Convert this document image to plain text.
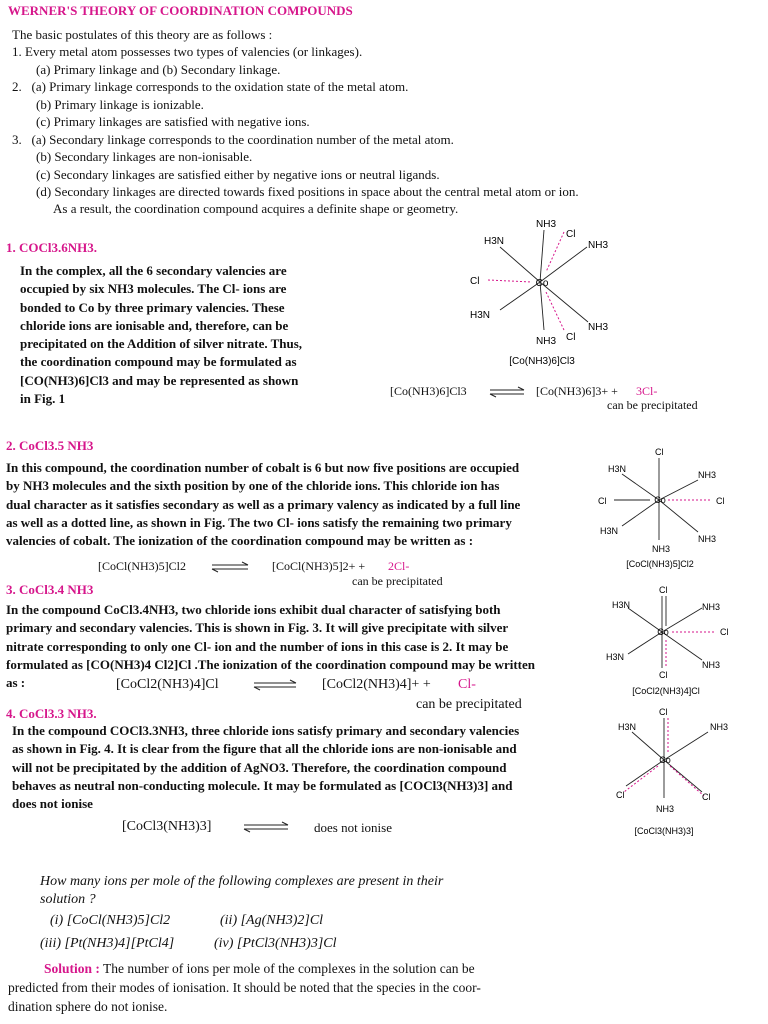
WERNER'S THEORY OF COORDINATION COMPOUNDS
The basic postulates of this theory are as follows :
1. Every metal atom possesses two types of valencies (or linkages).
(a) Primary linkage and (b) Secondary linkage.
2.   (a) Primary linkage corresponds to the oxidation state of the metal atom.
(b) Primary linkage is ionizable.
(c) Primary linkages are satisfied with negative ions.
3.   (a) Secondary linkage corresponds to the coordination number of the metal atom.
(b) Secondary linkages are non-ionisable.
(c) Secondary linkages are satisfied either by negative ions or neutral ligands.
(d) Secondary linkages are directed towards fixed positions in space about the central metal atom or ion.
As a result, the coordination compound acquires a definite shape or geometry.
1. COCl3.6NH3.
In the complex, all the 6 secondary valencies are
occupied by six NH3 molecules. The Cl- ions are
bonded to Co by three primary valencies. These
chloride ions are ionisable and, therefore, can be
precipitated on the Addition of silver nitrate. Thus,
the coordination compound may be formulated as
[CO(NH3)6]Cl3 and may be represented as shown
in Fig. 1
Co
NH3
Cl
H3N	NH3
Cl
H3N
NH3
NH3 Cl
[Co(NH3)6]Cl3
[Co(NH3)6]Cl3 ⇌ [Co(NH3)6]3+ + 3Cl-
can be precipitated
2. CoCl3.5 NH3
In this compound, the coordination number of cobalt is 6 but now five positions are occupied
by NH3 molecules and the sixth position by one of the chloride ions. This chloride ion has
dual character as it satisfies secondary as well as a primary valency as indicated by a full line
as well as a dotted line, as shown in Fig. The two Cl- ions satisfy the remaining two primary
valencies of cobalt. The ionization of the coordination compound may be written as :
Co
Cl
H3N
NH3
Cl	Cl
H3N
NH3
NH3
[CoCl(NH3)5]Cl2
[CoCl(NH3)5]Cl2 ⇌ [CoCl(NH3)5]2+ + 2Cl-
can be precipitated
3. CoCl3.4 NH3
In the compound CoCl3.4NH3, two chloride ions exhibit dual character of satisfying both
primary and secondary valencies. This is shown in Fig. 3. It will give precipitate with silver
nitrate corresponding to only one Cl- ion and the number of ions in this case is 2. It may be
formulated as [CO(NH3)4 Cl2]Cl .The ionization of the coordination compound may be written
as :
Co
Cl
H3N	NH3
Cl
H3N
NH3
Cl
[CoCl2(NH3)4]Cl
[CoCl2(NH3)4]Cl ⇌ [CoCl2(NH3)4]+ + Cl-
can be precipitated
4. CoCl3.3 NH3.
In the compound COCl3.3NH3, three chloride ions satisfy primary and secondary valencies
as shown in Fig. 4. It is clear from the figure that all the chloride ions are non-ionisable and
will not be precipitated by the addition of AgNO3. Therefore, the coordination compound
behaves as neutral non-conducting molecule. It may be formulated as [COCl3(NH3)3] and
does not ionise
Co
Cl
H3N	NH3
Cl	Cl
NH3
[CoCl3(NH3)3]
[CoCl3(NH3)3] ⇌ does not ionise
How many ions per mole of the following complexes are present in their
solution ?
(i) [CoCl(NH3)5]Cl2	(ii) [Ag(NH3)2]Cl
(iii) [Pt(NH3)4][PtCl4]	(iv) [PtCl3(NH3)3]Cl
Solution : The number of ions per mole of the complexes in the solution can be
predicted from their modes of ionisation. It should be noted that the species in the coor-
dination sphere do not ionise.
